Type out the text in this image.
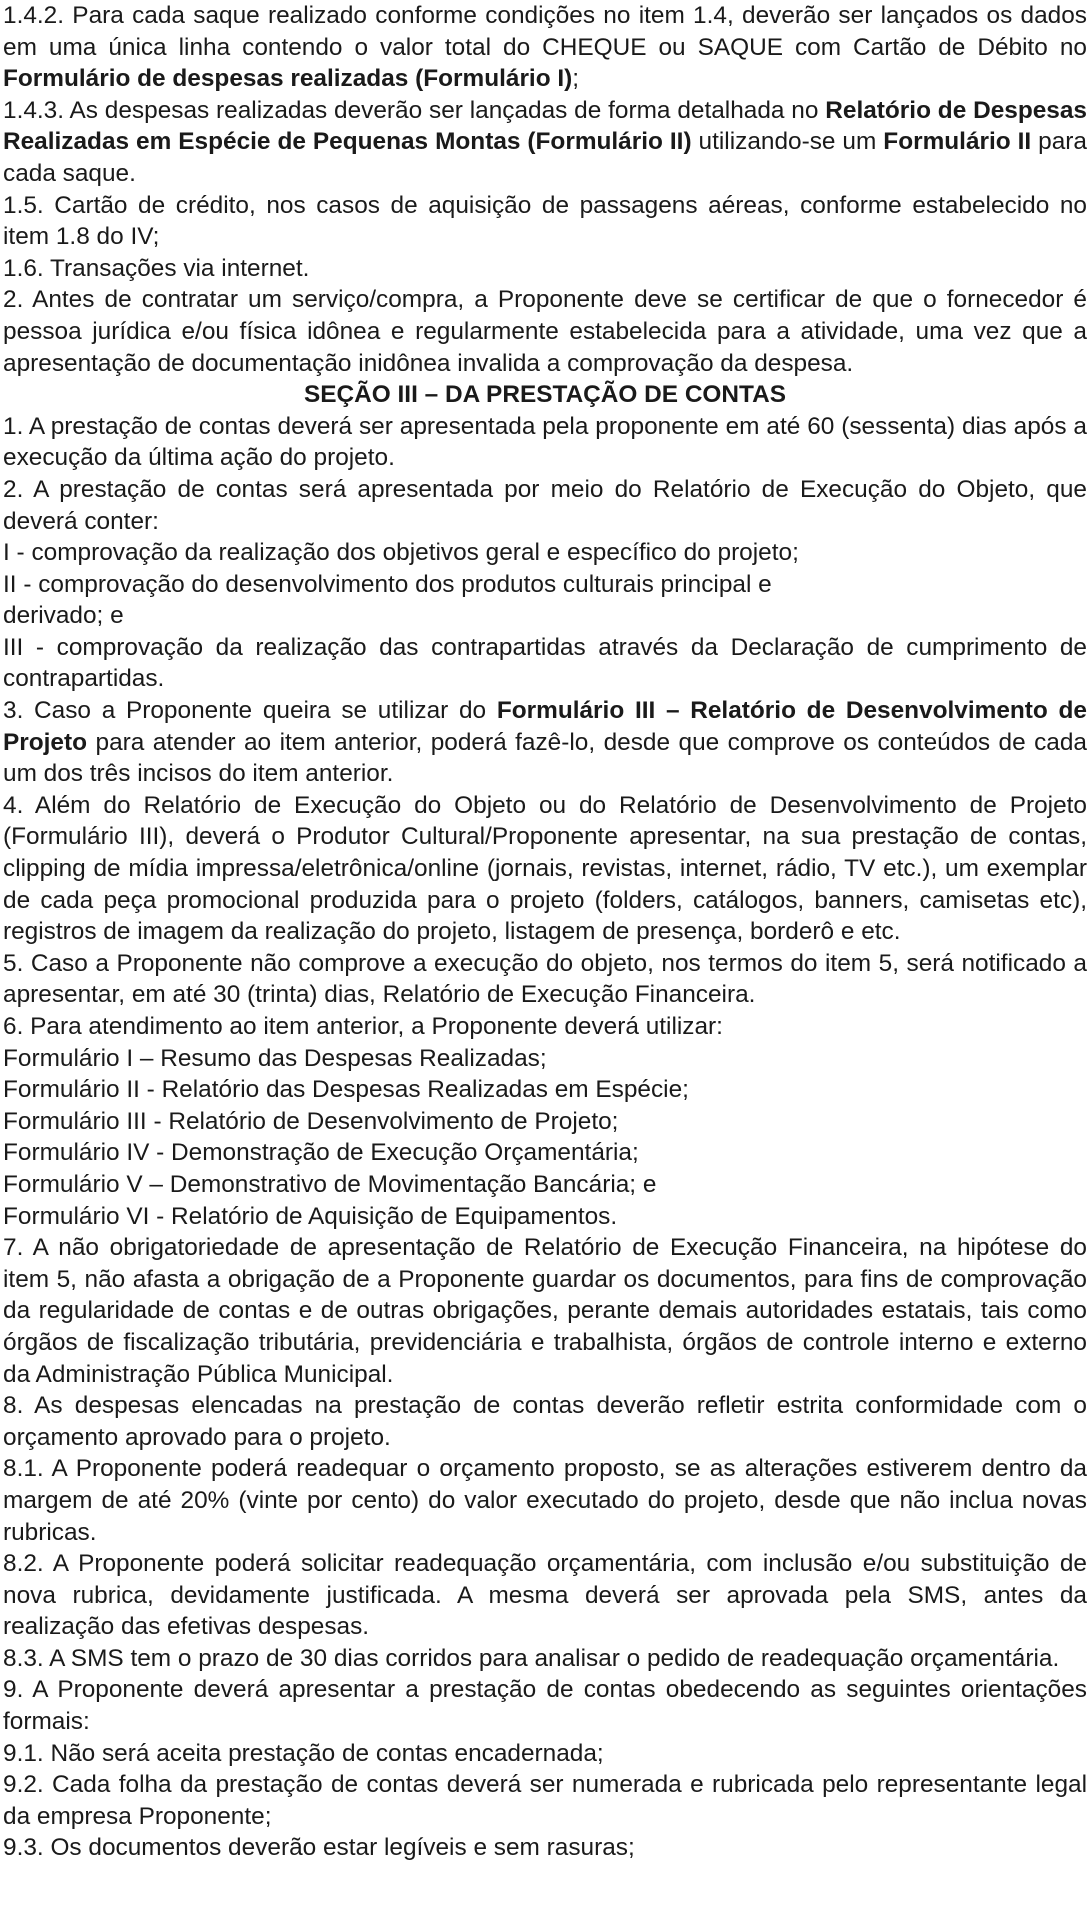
1.4.2. Para cada saque realizado conforme condições no item 1.4, deverão ser lançados os dados em uma única linha contendo o valor total do CHEQUE ou SAQUE com Cartão de Débito no Formulário de despesas realizadas (Formulário I);

1.4.3. As despesas realizadas deverão ser lançadas de forma detalhada no Relatório de Despesas Realizadas em Espécie de Pequenas Montas (Formulário II) utilizando-se um Formulário II para cada saque.

1.5. Cartão de crédito, nos casos de aquisição de passagens aéreas, conforme estabelecido no item 1.8 do IV;

1.6. Transações via internet.

2. Antes de contratar um serviço/compra, a Proponente deve se certificar de que o fornecedor é pessoa jurídica e/ou física idônea e regularmente estabelecida para a atividade, uma vez que a apresentação de documentação inidônea invalida a comprovação da despesa.

SEÇÃO III – DA PRESTAÇÃO DE CONTAS

1. A prestação de contas deverá ser apresentada pela proponente em até 60 (sessenta) dias após a execução da última ação do projeto.

2. A prestação de contas será apresentada por meio do Relatório de Execução do Objeto, que deverá conter:

I - comprovação da realização dos objetivos geral e específico do projeto;

II - comprovação do desenvolvimento dos produtos culturais principal e

derivado; e

III - comprovação da realização das contrapartidas através da Declaração de cumprimento de contrapartidas.

3. Caso a Proponente queira se utilizar do Formulário III – Relatório de Desenvolvimento de Projeto para atender ao item anterior, poderá fazê-lo, desde que comprove os conteúdos de cada um dos três incisos do item anterior.

4. Além do Relatório de Execução do Objeto ou do Relatório de Desenvolvimento de Projeto (Formulário III), deverá o Produtor Cultural/Proponente apresentar, na sua prestação de contas, clipping de mídia impressa/eletrônica/online (jornais, revistas, internet, rádio, TV etc.), um exemplar de cada peça promocional produzida para o projeto (folders, catálogos, banners, camisetas etc), registros de imagem da realização do projeto, listagem de presença, borderô e etc.

5. Caso a Proponente não comprove a execução do objeto, nos termos do item 5, será notificado a apresentar, em até 30 (trinta) dias, Relatório de Execução Financeira.

6. Para atendimento ao item anterior, a Proponente deverá utilizar:

Formulário I – Resumo das Despesas Realizadas;

Formulário II - Relatório das Despesas Realizadas em Espécie;

Formulário III - Relatório de Desenvolvimento de Projeto;

Formulário IV - Demonstração de Execução Orçamentária;

Formulário V – Demonstrativo de Movimentação Bancária; e

Formulário VI - Relatório de Aquisição de Equipamentos.

7. A não obrigatoriedade de apresentação de Relatório de Execução Financeira, na hipótese do item 5, não afasta a obrigação de a Proponente guardar os documentos, para fins de comprovação da regularidade de contas e de outras obrigações, perante demais autoridades estatais, tais como órgãos de fiscalização tributária, previdenciária e trabalhista, órgãos de controle interno e externo da Administração Pública Municipal.

8. As despesas elencadas na prestação de contas deverão refletir estrita conformidade com o orçamento aprovado para o projeto.

8.1. A Proponente poderá readequar o orçamento proposto, se as alterações estiverem dentro da margem de até 20% (vinte por cento) do valor executado do projeto, desde que não inclua novas rubricas.

8.2. A Proponente poderá solicitar readequação orçamentária, com inclusão e/ou substituição de nova rubrica, devidamente justificada. A mesma deverá ser aprovada pela SMS, antes da realização das efetivas despesas.

8.3. A SMS tem o prazo de 30 dias corridos para analisar o pedido de readequação orçamentária.

9. A Proponente deverá apresentar a prestação de contas obedecendo as seguintes orientações formais:

9.1. Não será aceita prestação de contas encadernada;

9.2. Cada folha da prestação de contas deverá ser numerada e rubricada pelo representante legal da empresa Proponente;

9.3. Os documentos deverão estar legíveis e sem rasuras;
